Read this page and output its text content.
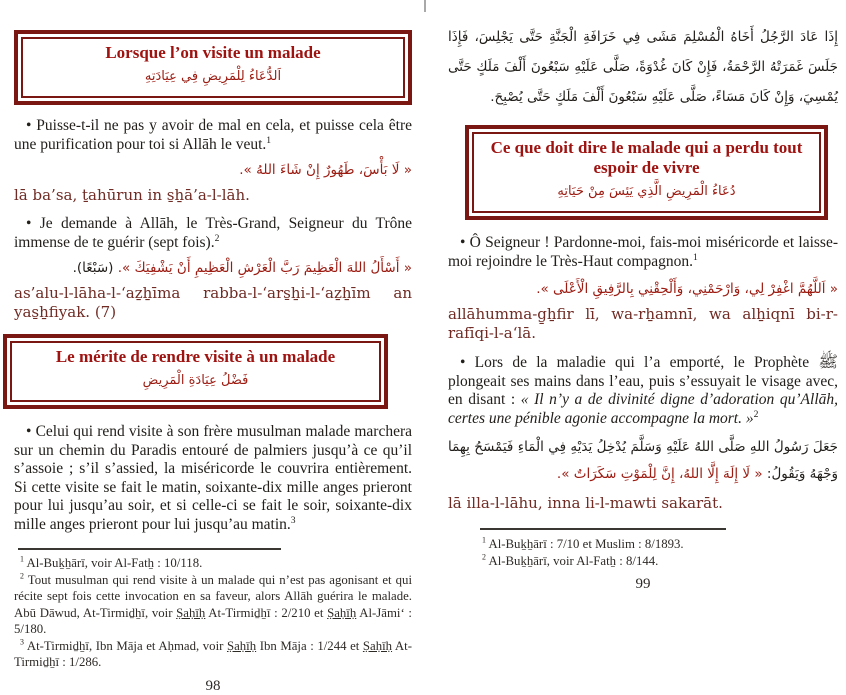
Lorsque l’on visite un malade
اَلدُّعَاءُ لِلْمَرِيضِ فِي عِيَادَتِهِ

• Puisse-t-il ne pas y avoir de mal en cela, et puisse cela être une purification pour toi si Allāh le veut.$^1$

« لَا بَأْسَ، طَهُورٌ إِنْ شَاءَ اللهُ ».

lā ba’sa, ṯahūrun in s̱ẖā’a-l-lāh.

• Je demande à Allāh, le Très-Grand, Seigneur du Trône immense de te guérir (sept fois).$^2$

« أَسْأَلُ اللهَ الْعَظِيمَ رَبَّ الْعَرْشِ الْعَظِيمِ أَنْ يَشْفِيَكَ ». (سَبْعًا).

as’alu-l-lāha-l-‘aẕẖīma rabba-l-‘ars̱ẖi-l-‘aẕẖīm an yas̱ẖfiyak. (7)

Le mérite de rendre visite à un malade
فَضْلُ عِيَادَةِ الْمَرِيضِ

• Celui qui rend visite à son frère musulman malade marchera sur un chemin du Paradis entouré de palmiers jusqu’à ce qu’il s’assoie ; s’il s’assied, la miséricorde le couvrira entièrement. Si cette visite se fait le matin, soixante-dix mille anges prieront pour lui jusqu’au soir, et si celle-ci se fait le soir, soixante-dix mille anges prieront pour lui jusqu’au matin.$^3$

$^1$ Al-Buḵẖārī, voir Al-Fatẖ : 10/118.

$^2$ Tout musulman qui rend visite à un malade qui n’est pas agonisant et qui récite sept fois cette invocation en sa faveur, alors Allāh guérira le malade. Abū Dāwud, At-Tirmiḏẖī, voir Ṣaḥīḥ At-Tirmiḏẖī : 2/210 et Ṣaḥīḥ Al-Jāmi‘ : 5/180.

$^3$ At-Tirmiḏẖī, Ibn Māja et Aḥmad, voir Ṣaḥīḥ Ibn Māja : 1/244 et Ṣaḥīḥ At-Tirmiḏẖī : 1/286.

98

إِذَا عَادَ الرَّجُلُ أَخَاهُ الْمُسْلِمَ مَشَى فِي خَرَافَةِ الْجَنَّةِ حَتَّى يَجْلِسَ، فَإِذَا جَلَسَ غَمَرَتْهُ الرَّحْمَةُ، فَإِنْ كَانَ غُدْوَةً، صَلَّى عَلَيْهِ سَبْعُونَ أَلْفَ مَلَكٍ حَتَّى يُمْسِيَ، وَإِنْ كَانَ مَسَاءً، صَلَّى عَلَيْهِ سَبْعُونَ أَلْفَ مَلَكٍ حَتَّى يُصْبِحَ.

Ce que doit dire le malade qui a perdu tout espoir de vivre
دُعَاءُ الْمَرِيضِ الَّذِي يَئِسَ مِنْ حَيَاتِهِ

• Ô Seigneur ! Pardonne-moi, fais-moi miséricorde et laisse-moi rejoindre le Très-Haut compagnon.$^1$

« اَللَّهُمَّ اغْفِرْ لِي، وَارْحَمْنِي، وَأَلْحِقْنِي بِالرَّفِيقِ الْأَعْلَى ».

allāhumma-g̱ẖfir lī, wa-rẖamnī, wa alẖiqnī bi-r-rafīqi-l-a‘lā.

• Lors de la maladie qui l’a emporté, le Prophète ﷺ plongeait ses mains dans l’eau, puis s’essuyait le visage avec, en disant : « Il n’y a de divinité digne d’adoration qu’Allāh, certes une pénible agonie accompagne la mort. »$^2$

جَعَلَ رَسُولُ اللهِ صَلَّى اللهُ عَلَيْهِ وَسَلَّمَ يُدْخِلُ يَدَيْهِ فِي الْمَاءِ فَيَمْسَحُ بِهِمَا وَجْهَهُ وَيَقُولُ: « لَا إِلَهَ إِلَّا اللهُ، إِنَّ لِلْمَوْتِ سَكَرَاتٌ ».

lā illa-l-lāhu, inna li-l-mawti sakarāt.

$^1$ Al-Buḵẖārī : 7/10 et Muslim : 8/1893.

$^2$ Al-Buḵẖārī, voir Al-Fatẖ : 8/144.

99
